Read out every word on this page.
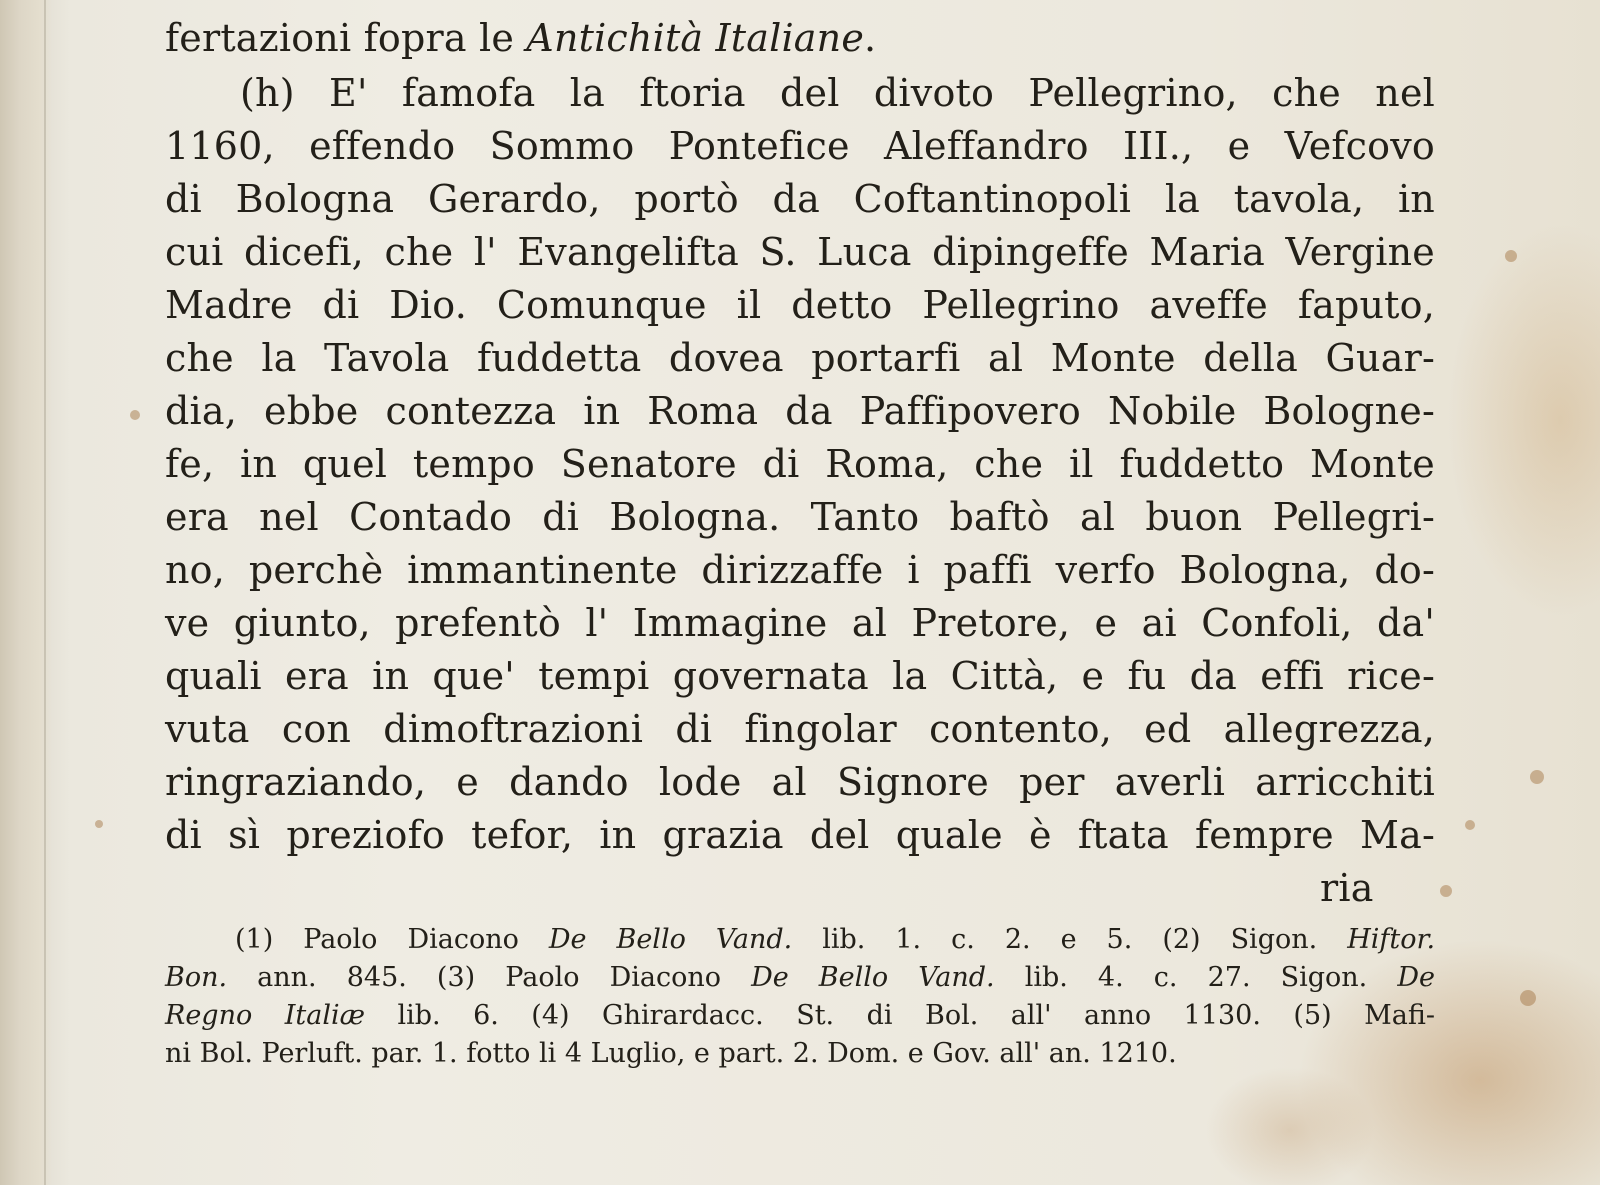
fertazioni fopra le Antichità Italiane.
(h) E' famofa la ftoria del divoto Pellegrino, che nel
1160, effendo Sommo Pontefice Aleffandro III., e Vefcovo
di Bologna Gerardo, portò da Coftantinopoli la tavola, in
cui dicefi, che l' Evangelifta S. Luca dipingeffe Maria Vergine
Madre di Dio. Comunque il detto Pellegrino aveffe faputo,
che la Tavola fuddetta dovea portarfi al Monte della Guar-
dia, ebbe contezza in Roma da Paffipovero Nobile Bologne-
fe, in quel tempo Senatore di Roma, che il fuddetto Monte
era nel Contado di Bologna. Tanto baftò al buon Pellegri-
no, perchè immantinente dirizzaffe i paffi verfo Bologna, do-
ve giunto, prefentò l' Immagine al Pretore, e ai Confoli, da'
quali era in que' tempi governata la Città, e fu da effi rice-
vuta con dimoftrazioni di fingolar contento, ed allegrezza,
ringraziando, e dando lode al Signore per averli arricchiti
di sì preziofo tefor, in grazia del quale è ftata fempre Ma-
ria
(1) Paolo Diacono De Bello Vand. lib. 1. c. 2. e 5. (2) Sigon. Hiftor.
Bon. ann. 845. (3) Paolo Diacono De Bello Vand. lib. 4. c. 27. Sigon. De
Regno Italiæ lib. 6. (4) Ghirardacc. St. di Bol. all' anno 1130. (5) Mafi-
ni Bol. Perluft. par. 1. fotto li 4 Luglio, e part. 2. Dom. e Gov. all' an. 1210.
